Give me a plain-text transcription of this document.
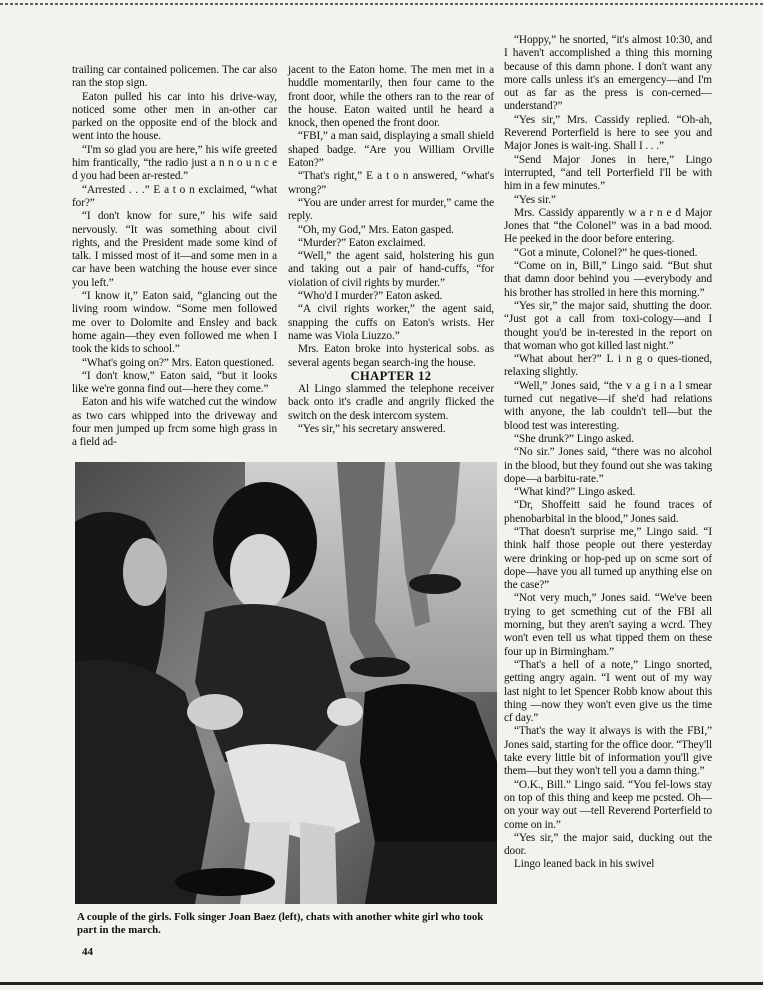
trailing car contained policemen. The car also ran the stop sign.

Eaton pulled his car into his drive-way, noticed some other men in an-other car parked on the opposite end of the block and went into the house.

“I'm so glad you are here,” his wife greeted him frantically, “the radio just a n n o u n c e d you had been ar-rested.”

“Arrested . . .” E a t o n exclaimed, “what for?”

“I don't know for sure,” his wife said nervously. “It was something about civil rights, and the President made some kind of talk. I missed most of it—and some men in a car have been watching the house ever since you left.”

“I know it,” Eaton said, “glancing out the living room window. “Some men followed me over to Dolomite and Ensley and back home again—they even followed me when I took the kids to school.”

“What's going on?” Mrs. Eaton questioned.

“I don't know,” Eaton said, “but it looks like we're gonna find out—here they come.”

Eaton and his wife watched cut the window as two cars whipped into the driveway and four men jumped up frcm some high grass in a field ad-

jacent to the Eaton home. The men met in a huddle momentarily, then four came to the front door, while the others ran to the rear of the house. Eaton waited until he heard a knock, then opened the front door.

“FBI,” a man said, displaying a small shield shaped badge. “Are you William Orville Eaton?”

“That's right,” E a t o n answered, “what's wrong?”

“You are under arrest for murder,” came the reply.

“Oh, my God,” Mrs. Eaton gasped.

“Murder?” Eaton exclaimed.

“Well,” the agent said, holstering his gun and taking out a pair of hand-cuffs, “for violation of civil rights by murder.”

“Who'd I murder?” Eaton asked.

“A civil rights worker,” the agent said, snapping the cuffs on Eaton's wrists. Her name was Viola Liuzzo.”

Mrs. Eaton broke into hysterical sobs. as several agents began search-ing the house.

CHAPTER 12

Al Lingo slammed the telephone receiver back onto it's cradle and angrily flicked the switch on the desk intercom system.

“Yes sir,” his secretary answered.

“Hoppy,” he snorted, “it's almost 10:30, and I haven't accomplished a thing this morning because of this damn phone. I don't want any more calls unless it's an emergency—and I'm out as far as the press is con-cerned—understand?”

“Yes sir,” Mrs. Cassidy replied. “Oh-ah, Reverend Porterfield is here to see you and Major Jones is wait-ing. Shall I . . .”

“Send Major Jones in here,” Lingo interrupted, “and tell Porterfield I'll be with him in a few minutes.”

“Yes sir.”

Mrs. Cassidy apparently w a r n e d Major Jones that “the Colonel” was in a bad mood. He peeked in the door before entering.

“Got a minute, Colonel?” he ques-tioned.

“Come on in, Bill,” Lingo said. “But shut that damn door behind you —everybody and his brother has strolled in here this morning.”

“Yes sir,” the major said, shutting the door. “Just got a call from toxi-cology—and I thought you'd be in-terested in the report on that woman who got killed last night.”

“What about her?” L i n g o ques-tioned, relaxing slightly.

“Well,” Jones said, “the v a g i n a l smear turned cut negative—if she'd had relations with anyone, the lab couldn't tell—but the blood test was interesting.

“She drunk?” Lingo asked.

“No sir.” Jones said, “there was no alcohol in the blood, but they found out she was taking dope—a barbitu-rate.”

“What kind?” Lingo asked.

“Dr, Shoffeitt said he found traces of phenobarbital in the blood,” Jones said.

“That doesn't surprise me,” Lingo said. “I think half those people out there yesterday were drinking or hop-ped up on scme sort of dope—have you all turned up anything else on the case?”

“Not very much,” Jones said. “We've been trying to get scmething cut of the FBI all morning, but they aren't saying a wcrd. They won't even tell us what tipped them on these four up in Birmingham.”

“That's a hell of a note,” Lingo snorted, getting angry again. “I went out of my way last night to let Spencer Robb know about this thing —now they won't even give us the time cf day.”

“That's the way it always is with the FBI,” Jones said, starting for the office door. “They'll take every little bit of information you'll give them—but they won't tell you a damn thing.”

“O.K., Bill.” Lingo said. “You fel-lows stay on top of this thing and keep me pcsted. Oh—on your way out —tell Reverend Porterfield to come on in.”

“Yes sir,” the major said, ducking out the door.

Lingo leaned back in his swivel

A couple of the girls. Folk singer Joan Baez (left), chats with another white girl who took part in the march.
44
